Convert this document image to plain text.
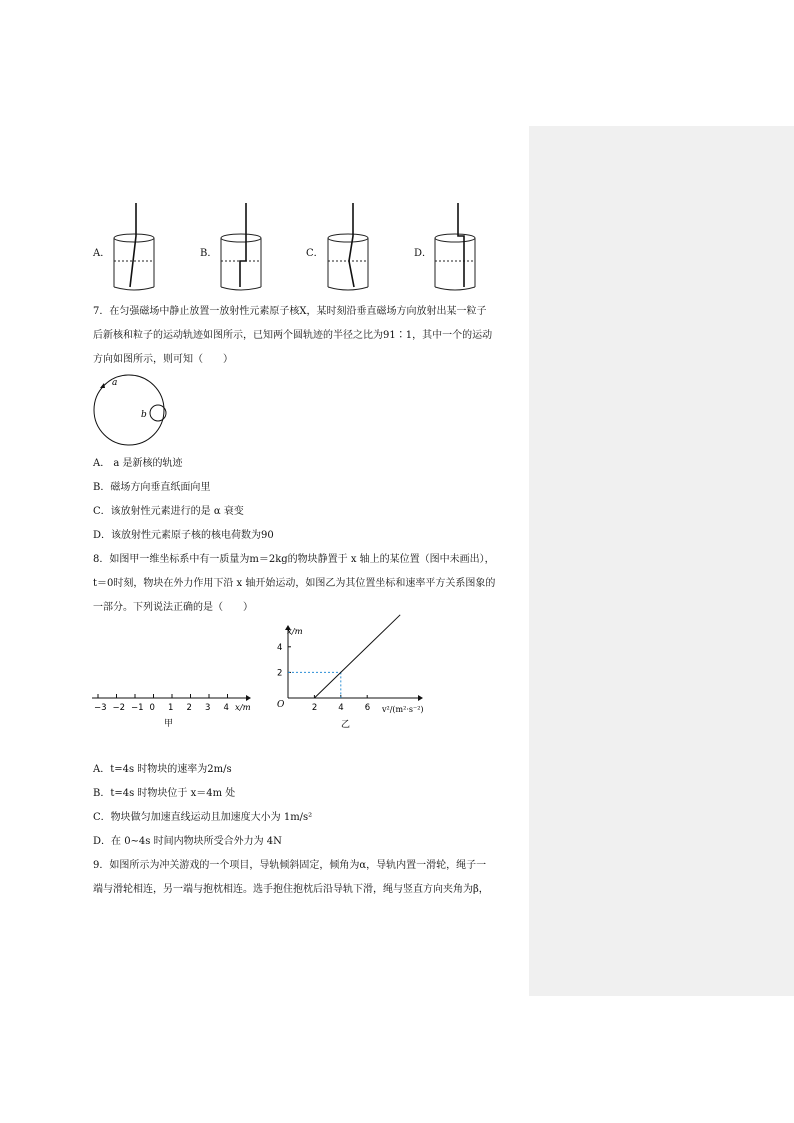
A．	B．	C．	D．
7．在匀强磁场中静止放置一放射性元素原子核X，某时刻沿垂直磁场方向放射出某一粒子
后新核和粒子的运动轨迹如图所示，已知两个圆轨迹的半径之比为91∶1，其中一个的运动
方向如图所示，则可知（　　）
a
b
A． a 是新核的轨迹
B．磁场方向垂直纸面向里
C．该放射性元素进行的是 α 衰变
D．该放射性元素原子核的核电荷数为90
8．如图甲一维坐标系中有一质量为m＝2kg的物块静置于 x 轴上的某位置（图中未画出），
t＝0时刻，物块在外力作用下沿 x 轴开始运动，如图乙为其位置坐标和速率平方关系图象的
一部分。下列说法正确的是（　　）
−3 −2 −1 0 1 2 3 4 x/m
甲
2 4 6
2
4
x/m
v²/(m²·s⁻²)
O
乙
A．t=4s 时物块的速率为2m/s
B．t=4s 时物块位于 x＝4m 处
C．物块做匀加速直线运动且加速度大小为 1m/s²
D．在 0∼4s 时间内物块所受合外力为 4N
9．如图所示为冲关游戏的一个项目，导轨倾斜固定，倾角为α，导轨内置一滑轮，绳子一
端与滑轮相连，另一端与抱枕相连。选手抱住抱枕后沿导轨下滑，绳与竖直方向夹角为β，
